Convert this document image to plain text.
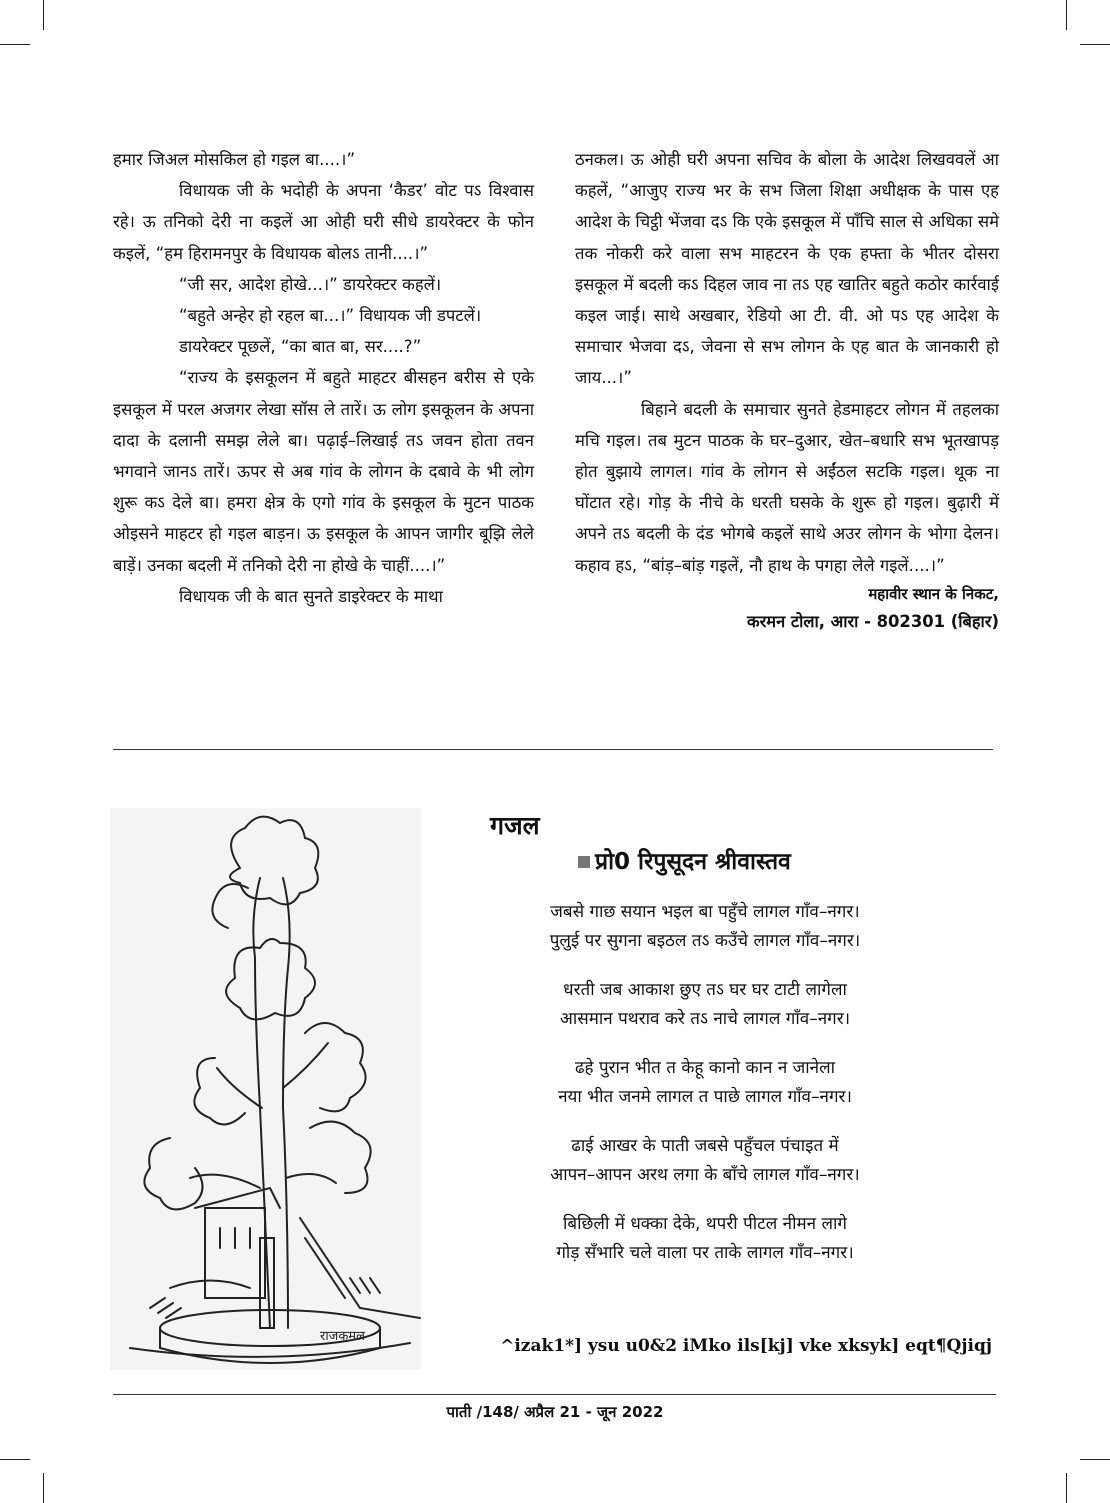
हमार जिअल मोसकिल हो गइल बा....।”

विधायक जी के भदोही के अपना ‘कैडर’ वोट पऽ विश्वास रहे। ऊ तनिको देरी ना कइलें आ ओही घरी सीधे डायरेक्टर के फोन कइलें, “हम हिरामनपुर के विधायक बोलऽ तानी....।”

“जी सर, आदेश होखे...।” डायरेक्टर कहलें।

“बहुते अन्हेर हो रहल बा...।” विधायक जी डपटलें।

डायरेक्टर पूछलें, “का बात बा, सर....?”

“राज्य के इसकूलन में बहुते माहटर बीसहन बरीस से एके इसकूल में परल अजगर लेखा सॉस ले तारें। ऊ लोग इसकूलन के अपना दादा के दलानी समझ लेले बा। पढ़ाई–लिखाई तऽ जवन होता तवन भगवाने जानऽ तारें। ऊपर से अब गांव के लोगन के दबावे के भी लोग शुरू कऽ देले बा। हमरा क्षेत्र के एगो गांव के इसकूल के मुटन पाठक ओइसने माहटर हो गइल बाड़न। ऊ इसकूल के आपन जागीर बूझि लेले बाड़ें। उनका बदली में तनिको देरी ना होखे के चाहीं....।”

विधायक जी के बात सुनते डाइरेक्टर के माथा

ठनकल। ऊ ओही घरी अपना सचिव के बोला के आदेश लिखववलें आ कहलें, “आजुए राज्य भर के सभ जिला शिक्षा अधीक्षक के पास एह आदेश के चिट्ठी भेंजवा दऽ कि एके इसकूल में पाँचि साल से अधिका समे तक नोकरी करे वाला सभ माहटरन के एक हफ्ता के भीतर दोसरा इसकूल में बदली कऽ दिहल जाव ना तऽ एह खातिर बहुते कठोर कार्रवाई कइल जाई। साथे अखबार, रेडियो आ टी. वी. ओ पऽ एह आदेश के समाचार भेजवा दऽ, जेवना से सभ लोगन के एह बात के जानकारी हो जाय...।”

बिहाने बदली के समाचार सुनते हेडमाहटर लोगन में तहलका मचि गइल। तब मुटन पाठक के घर–दुआर, खेत–बधारि सभ भूतखापड़ होत बुझाये लागल। गांव के लोगन से अईंठल सटकि गइल। थूक ना घोंटात रहे। गोड़ के नीचे के धरती घसके के शुरू हो गइल। बुढ़ारी में अपने तऽ बदली के दंड भोगबे कइलें साथे अउर लोगन के भोगा देलन। कहाव हऽ, “बांड़–बांड़ गइलें, नौ हाथ के पगहा लेले गइलें....।”

महावीर स्थान के निकट,

करमन टोला, आरा - 802301 (बिहार)

राजकमल
गजल
प्रो0 रिपुसूदन श्रीवास्तव
जबसे गाछ सयान भइल बा पहुँचे लागल गाँव–नगर।
पुलुई पर सुगना बइठल तऽ कउँचे लागल गाँव–नगर।
धरती जब आकाश छुए तऽ घर घर टाटी लागेला
आसमान पथराव करे तऽ नाचे लागल गाँव–नगर।
ढहे पुरान भीत त केहू कानो कान न जानेला
नया भीत जनमे लागल त पाछे लागल गाँव–नगर।
ढाई आखर के पाती जबसे पहुँचल पंचाइत में
आपन–आपन अरथ लगा के बाँचे लागल गाँव–नगर।
बिछिली में धक्का देके, थपरी पीटल नीमन लागे
गोड़ सँभारि चले वाला पर ताके लागल गाँव–नगर।
^izak1*] ysu u0&2 iMko ils[kj] vke xksyk] eqt¶Qjiqj
पाती /148/ अप्रैल 21 - जून 2022
